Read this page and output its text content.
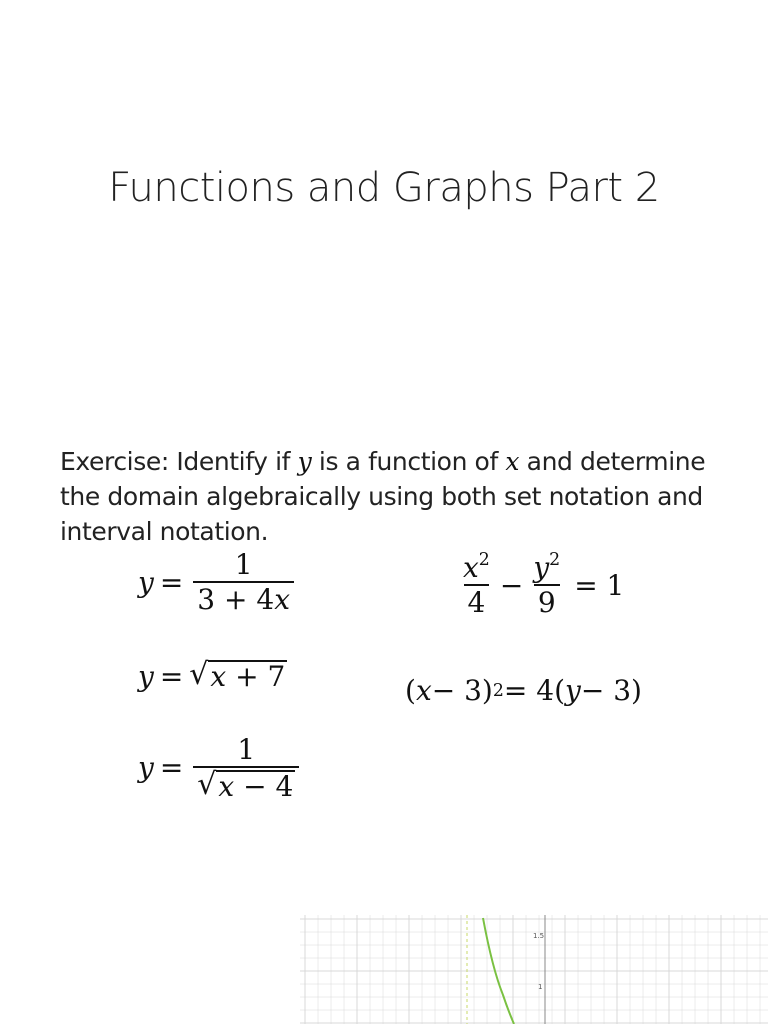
Functions and Graphs Part 2
Exercise: Identify if y is a function of x and determine the domain algebraically using both set notation and interval notation.
$y = \frac{1}{3 + 4x}$
y = √ x + 7
$y = \frac{1}{√ x - 4}$
$\frac{x^2}{4} - \frac{y^2}{9} = 1$
( x − 3) 2 = 4( y − 3)
1.5
1
